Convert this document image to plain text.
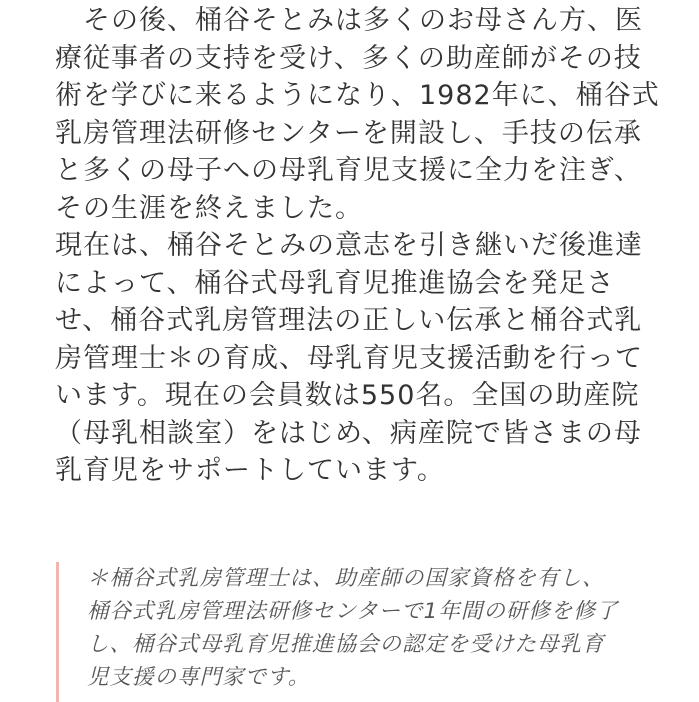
　その後、桶谷そとみは多くのお母さん方、医
療従事者の支持を受け、多くの助産師がその技
術を学びに来るようになり、1982年に、桶谷式
乳房管理法研修センターを開設し、手技の伝承
と多くの母子への母乳育児支援に全力を注ぎ、
その生涯を終えました。
現在は、桶谷そとみの意志を引き継いだ後進達
によって、桶谷式母乳育児推進協会を発足さ
せ、桶谷式乳房管理法の正しい伝承と桶谷式乳
房管理士＊の育成、母乳育児支援活動を行って
います。現在の会員数は550名。全国の助産院
（母乳相談室）をはじめ、病産院で皆さまの母
乳育児をサポートしています。
＊桶谷式乳房管理士は、助産師の国家資格を有し、
桶谷式乳房管理法研修センターで1年間の研修を修了
し、桶谷式母乳育児推進協会の認定を受けた母乳育
児支援の専門家です。
